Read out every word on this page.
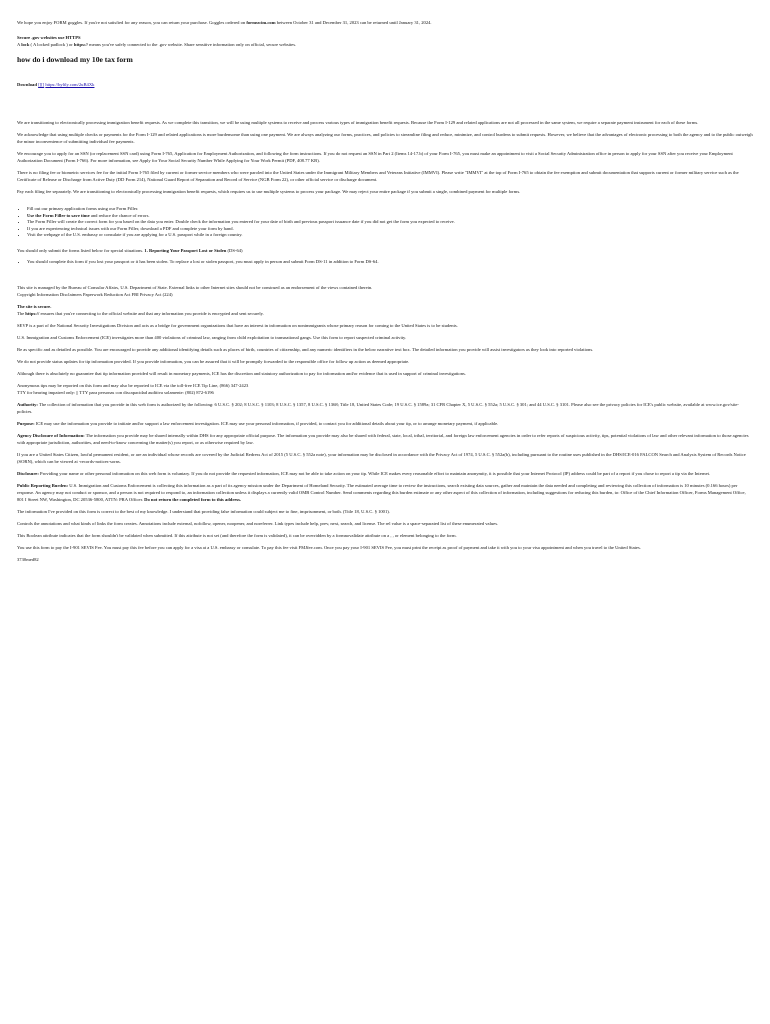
We hope you enjoy FORM goggles. If you're not satisfied for any reason, you can return your purchase. Goggles ordered on formswim.com between October 31 and December 31, 2023 can be returned until January 31, 2024.

Secure .gov websites use HTTPS
A lock ( A locked padlock ) or https:// means you've safely connected to the .gov website. Share sensitive information only on official, secure websites.
how do i download my 10e tax form

Download [][] https://byltly.com/2uB4Xk

We are transitioning to electronically processing immigration benefit requests. As we complete this transition, we will be using multiple systems to receive and process various types of immigration benefit requests. Because the Form I-129 and related applications are not all processed in the same system, we require a separate payment instrument for each of these forms.

We acknowledge that using multiple checks or payments for the Form I-129 and related applications is more burdensome than using one payment. We are always analyzing our forms, practices, and policies to streamline filing and reduce, minimize, and control burdens to submit requests. However, we believe that the advantages of electronic processing to both the agency and to the public outweigh the minor inconvenience of submitting individual fee payments.

We encourage you to apply for an SSN (or replacement SSN card) using Form I-765, Application for Employment Authorization, and following the form instructions. If you do not request an SSN in Part 2 (Items 14-17.b) of your Form I-765, you must make an appointment to visit a Social Security Administration office in person to apply for your SSN after you receive your Employment Authorization Document (Form I-766). For more information, see Apply for Your Social Security Number While Applying for Your Work Permit (PDF, 408.77 KB).

There is no filing fee or biometric services fee for the initial Form I-765 filed by current or former service members who were paroled into the United States under the Immigrant Military Members and Veterans Initiative (IMMVI). Please write "IMMVI" at the top of Form I-765 to obtain the fee exemption and submit documentation that supports current or former military service such as the Certificate of Release or Discharge from Active Duty (DD Form 214), National Guard Report of Separation and Record of Service (NGB Form 22), or other official service or discharge document.

Pay each filing fee separately. We are transitioning to electronically processing immigration benefit requests, which requires us to use multiple systems to process your package. We may reject your entire package if you submit a single, combined payment for multiple forms.

• Fill out our primary application forms using our Form Filler.
• Use the Form Filler to save time and reduce the chance of errors.
• The Form Filler will create the correct form for you based on the data you enter. Double check the information you entered for your date of birth and previous passport issuance date if you did not get the form you expected to receive.
• If you are experiencing technical issues with our Form Filler, download a PDF and complete your form by hand.
• Visit the webpage of the U.S. embassy or consulate if you are applying for a U.S. passport while in a foreign country.

You should only submit the forms listed below for special situations. 1. Reporting Your Passport Lost or Stolen (DS-64)

• You should complete this form if you lost your passport or it has been stolen. To replace a lost or stolen passport, you must apply in person and submit Form DS-11 in addition to Form DS-64.

This site is managed by the Bureau of Consular Affairs, U.S. Department of State. External links to other Internet sites should not be construed as an endorsement of the views contained therein.
Copyright Information Disclaimers Paperwork Reduction Act FBI Privacy Act (224)

The site is secure.
The https:// ensures that you're connecting to the official website and that any information you provide is encrypted and sent securely.

SEVP is a part of the National Security Investigations Division and acts as a bridge for government organizations that have an interest in information on nonimmigrants whose primary reason for coming to the United States is to be students.

U.S. Immigration and Customs Enforcement (ICE) investigates more than 400 violations of criminal law, ranging from child exploitation to transnational gangs. Use this form to report suspected criminal activity.

Be as specific and as detailed as possible. You are encouraged to provide any additional identifying details such as places of birth, countries of citizenship, and any numeric identifiers in the below narrative text box. The detailed information you provide will assist investigators as they look into reported violations.

We do not provide status updates for tip information provided. If you provide information, you can be assured that it will be promptly forwarded to the responsible office for follow up action as deemed appropriate.

Although there is absolutely no guarantee that tip information provided will result in monetary payments, ICE has the discretion and statutory authorization to pay for information and/or evidence that is used in support of criminal investigations.

Anonymous tips may be reported on this form and may also be reported to ICE via the toll-free ICE Tip Line, (866) 347-2423
TTY for hearing impaired only: || TTY para personas con discapacidad auditiva solamente: (802) 872-6196

Authority: The collection of information that you provide in this web form is authorized by the following: 6 U.S.C. § 202; 8 U.S.C. § 1103; 8 U.S.C. § 1357, 8 U.S.C. § 1368; Title 18, United States Code; 19 U.S.C. § 1589a; 31 CFR Chapter X, 5 U.S.C. § 552a; 5 U.S.C. § 301; and 44 U.S.C. § 3101. Please also see the privacy policies for ICE's public website, available at www.ice.gov/site-policies.

Purpose: ICE may use the information you provide to initiate and/or support a law enforcement investigation. ICE may use your personal information, if provided, to contact you for additional details about your tip, or to arrange monetary payment, if applicable.

Agency Disclosure of Information: The information you provide may be shared internally within DHS for any appropriate official purpose. The information you provide may also be shared with federal, state, local, tribal, territorial, and foreign law enforcement agencies in order to refer reports of suspicious activity, tips, potential violations of law and other relevant information to those agencies with appropriate jurisdiction, authorities, and need-to-know concerning the matter(s) you report, or as otherwise required by law.

If you are a United States Citizen, lawful permanent resident, or are an individual whose records are covered by the Judicial Redress Act of 2015 (5 U.S.C. § 552a note), your information may be disclosed in accordance with the Privacy Act of 1974, 5 U.S.C. § 552a(b), including pursuant to the routine uses published in the DHS/ICE-016 FALCON Search and Analysis System of Records Notice (SORN), which can be viewed at -records-notices-sorns.

Disclosure: Providing your name or other personal information on this web form is voluntary. If you do not provide the requested information, ICE may not be able to take action on your tip. While ICE makes every reasonable effort to maintain anonymity, it is possible that your Internet Protocol (IP) address could be part of a report if you chose to report a tip via the Internet.

Public Reporting Burden: U.S. Immigration and Customs Enforcement is collecting this information as a part of its agency mission under the Department of Homeland Security. The estimated average time to review the instructions, search existing data sources, gather and maintain the data needed and completing and reviewing this collection of information is 10 minutes (0.166 hours) per response. An agency may not conduct or sponsor, and a person is not required to respond to, an information collection unless it displays a currently valid OMB Control Number. Send comments regarding this burden estimate or any other aspect of this collection of information, including suggestions for reducing this burden, to: Office of the Chief Information Officer, Forms Management Office, 801 I Street NW, Washington, DC 20536-5800, ATTN: PRA Officer. Do not return the completed form to this address.

The information I've provided on this form is correct to the best of my knowledge. I understand that providing false information could subject me to fine, imprisonment, or both. (Title 18, U.S.C. § 1001).

Controls the annotations and what kinds of links the form creates. Annotations include external, nofollow, opener, noopener, and noreferrer. Link types include help, prev, next, search, and license. The rel value is a space-separated list of these enumerated values.

This Boolean attribute indicates that the form shouldn't be validated when submitted. If this attribute is not set (and therefore the form is validated), it can be overridden by a formnovalidate attribute on a , , or element belonging to the form.

You use this form to pay the I-901 SEVIS Fee. You must pay this fee before you can apply for a visa at a U.S. embassy or consulate. To pay this fee visit FMJfee.com. Once you pay your I-901 SEVIS Fee, you must print the receipt as proof of payment and take it with you to your visa appointment and when you travel to the United States.

3730med82
